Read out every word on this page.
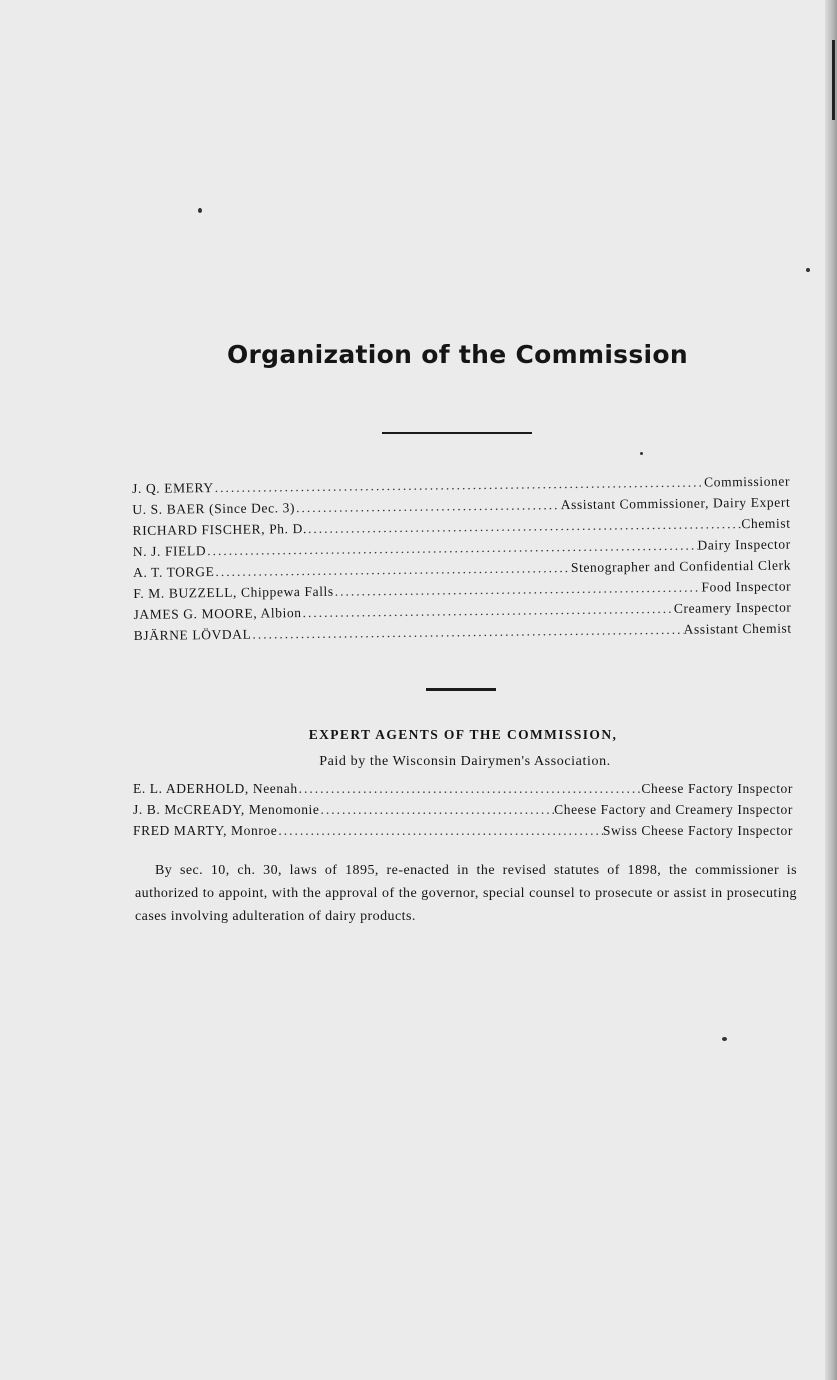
Organization of the Commission
J. Q. EMERY .....	Commissioner
U. S. BAER (Since Dec. 3) .....	Assistant Commissioner, Dairy Expert
RICHARD FISCHER, Ph. D. .....	Chemist
N. J. FIELD .....	Dairy Inspector
A. T. TORGE .....	Stenographer and Confidential Clerk
F. M. BUZZELL, Chippewa Falls .....	Food Inspector
JAMES G. MOORE, Albion .....	Creamery Inspector
BJÄRNE LÖVDAL .....	Assistant Chemist
EXPERT AGENTS OF THE COMMISSION,

Paid by the Wisconsin Dairymen's Association.

E. L. ADERHOLD, Neenah .....	Cheese Factory Inspector
J. B. McCREADY, Menomonie .....	Cheese Factory and Creamery Inspector
FRED MARTY, Monroe .....	Swiss Cheese Factory Inspector

By sec. 10, ch. 30, laws of 1895, re-enacted in the revised statutes of 1898, the commissioner is authorized to appoint, with the approval of the governor, special counsel to prosecute or assist in prosecuting cases involving adulteration of dairy products.
